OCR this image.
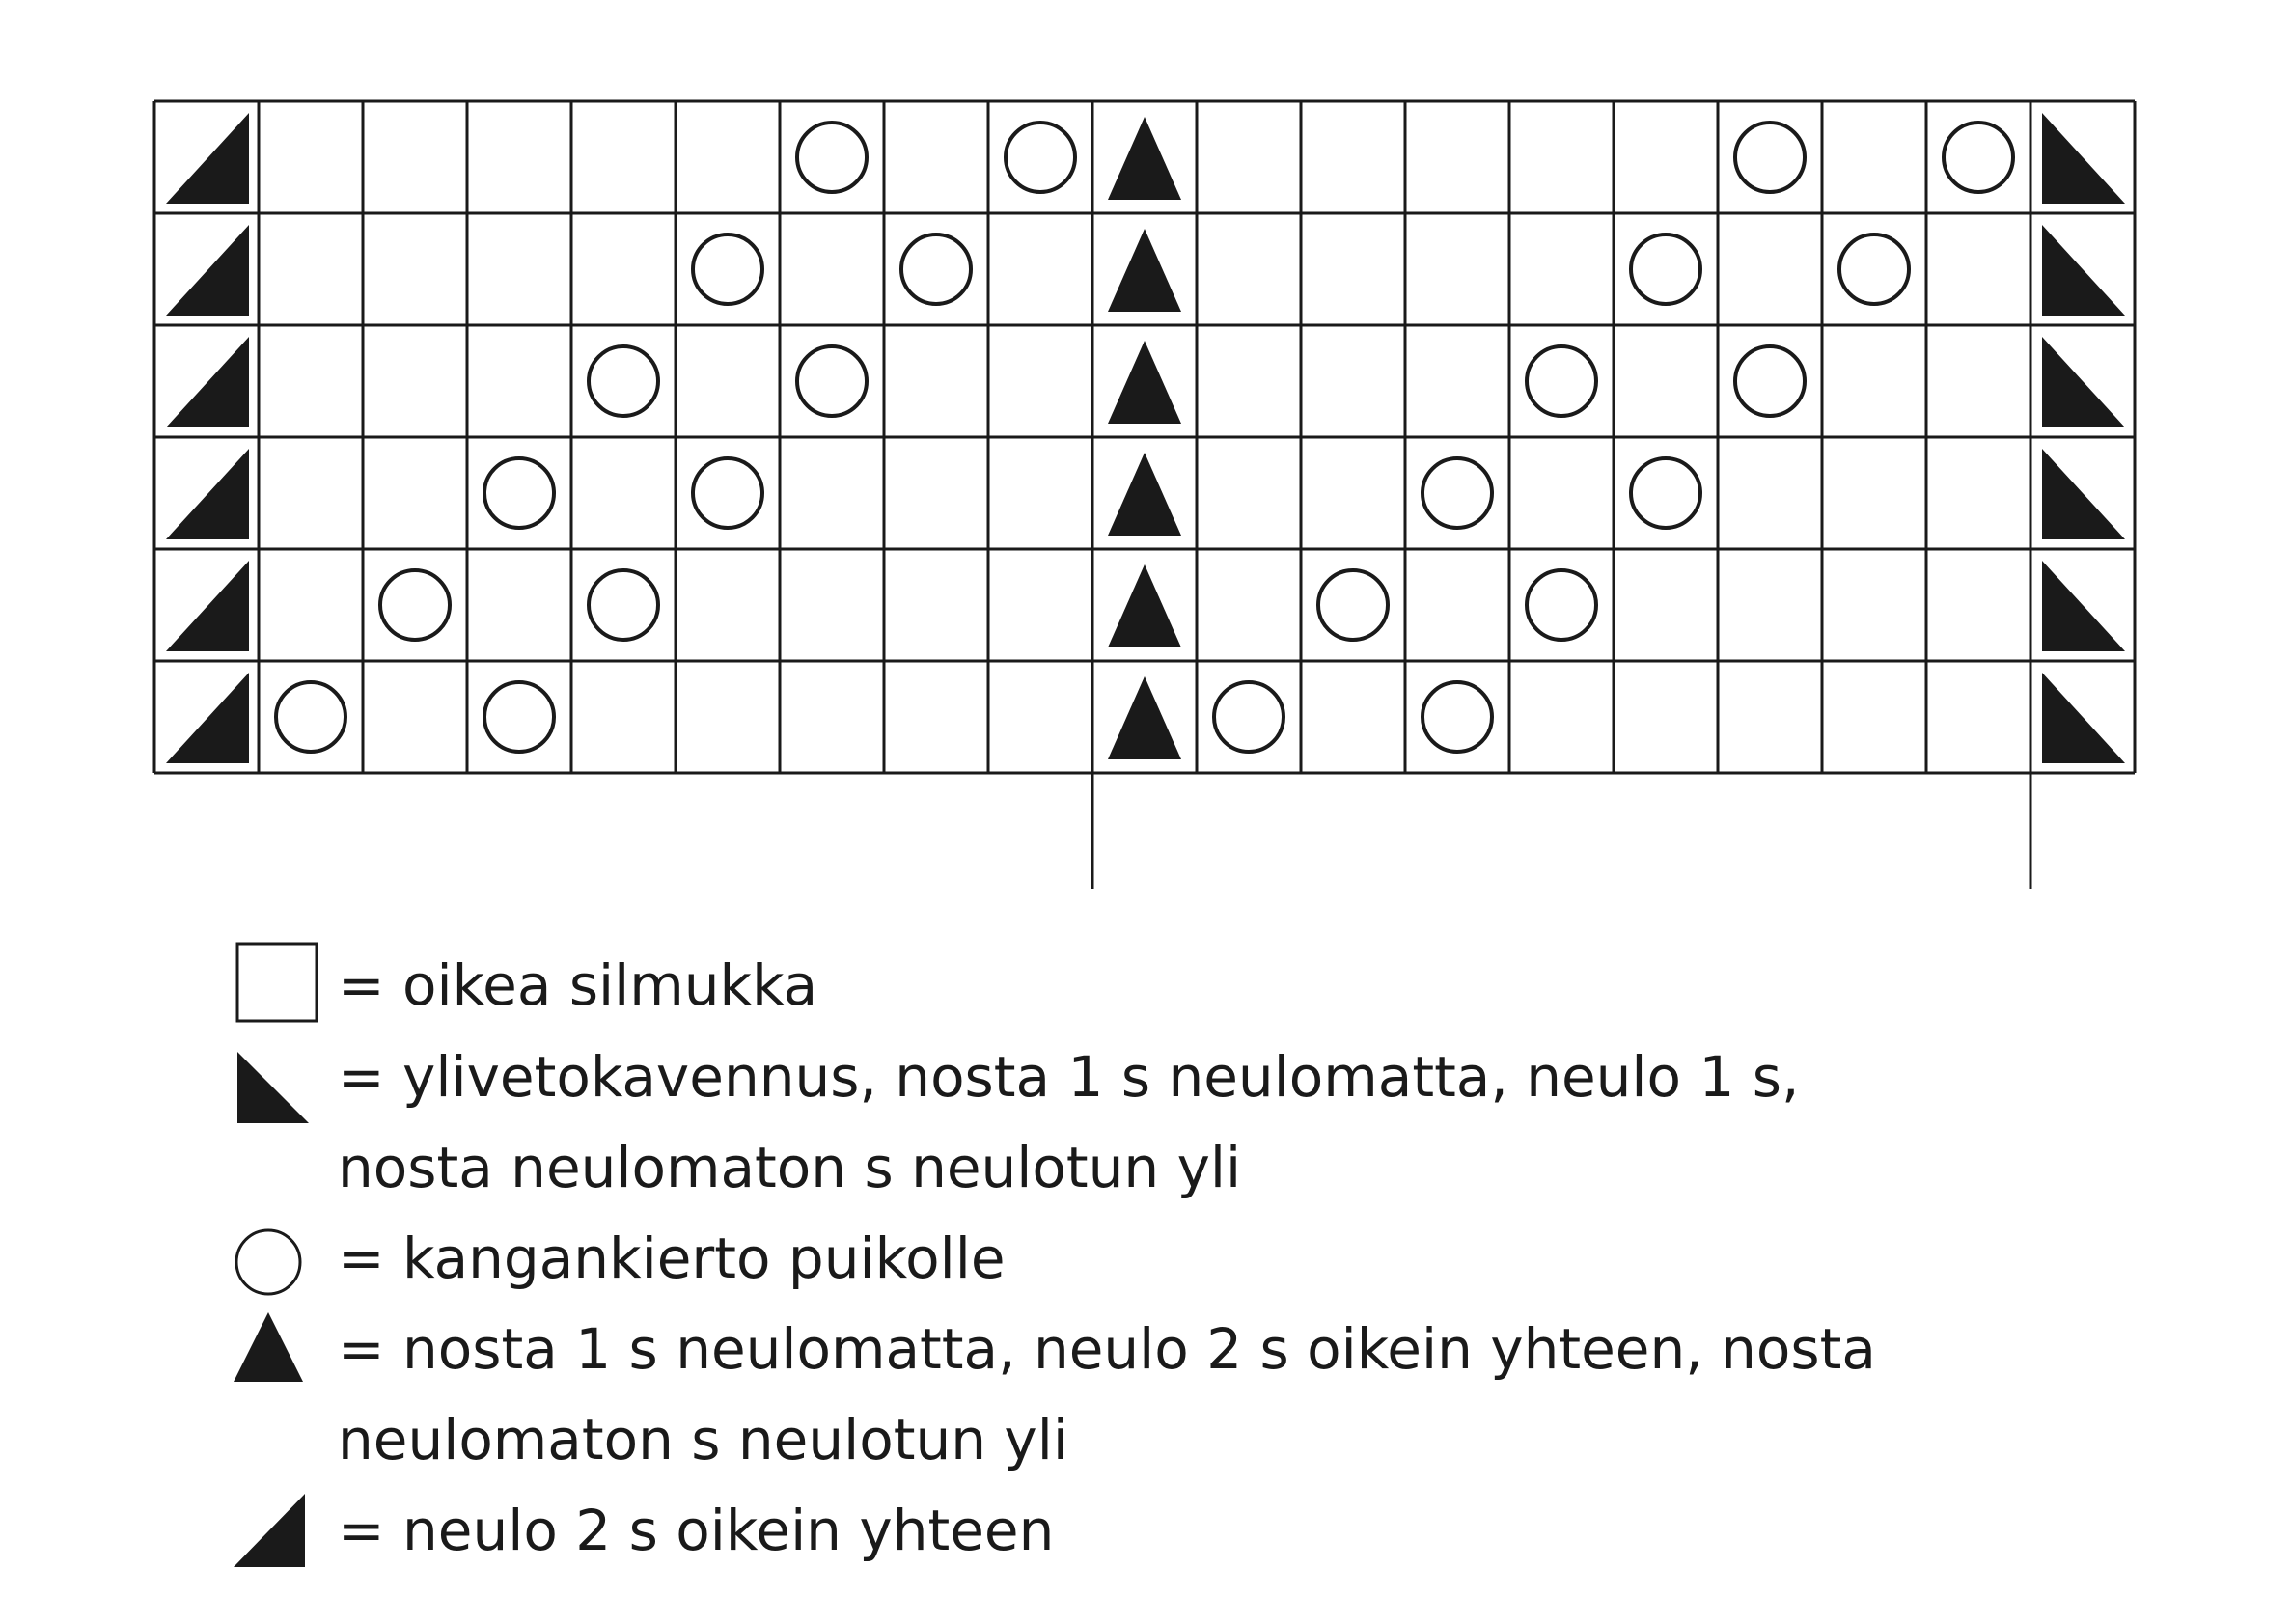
= oikea silmukka
= ylivetokavennus, nosta 1 s neulomatta, neulo 1 s,
nosta neulomaton s neulotun yli
= kangankierto puikolle
= nosta 1 s neulomatta, neulo 2 s oikein yhteen, nosta
neulomaton s neulotun yli
= neulo 2 s oikein yhteen
